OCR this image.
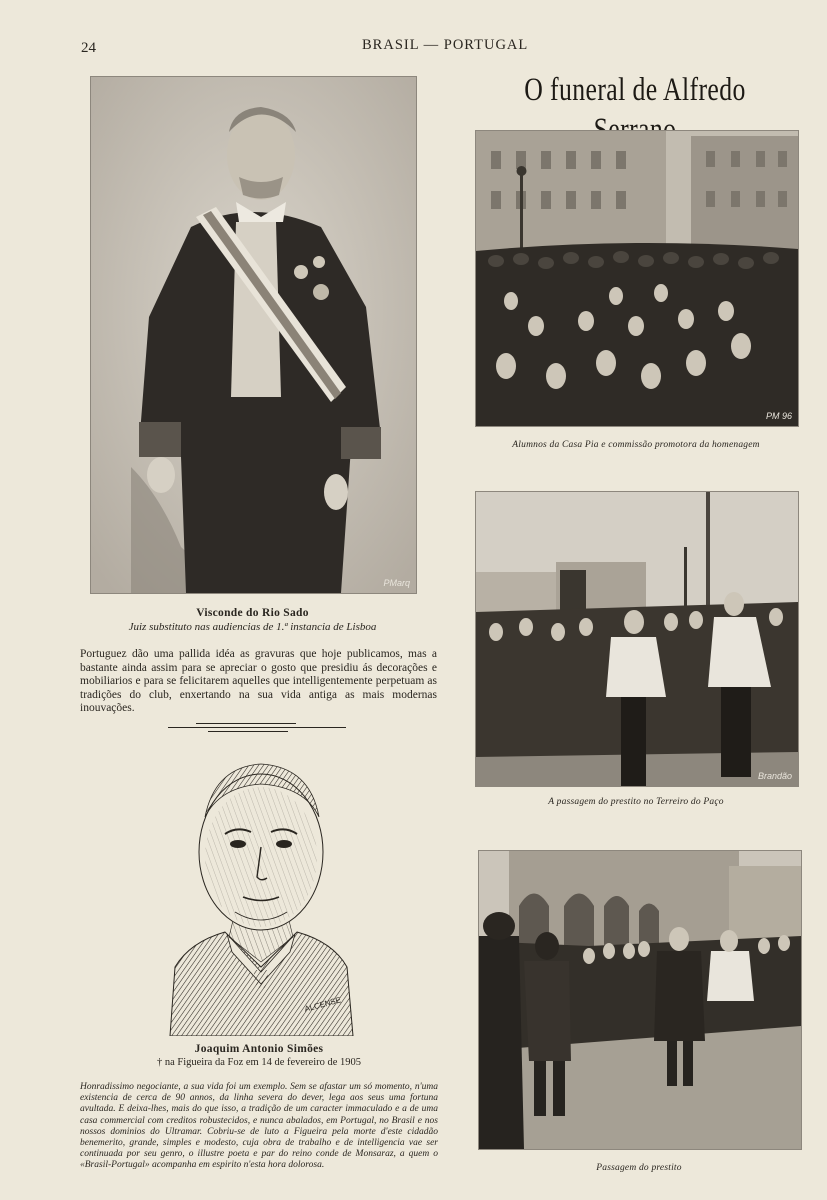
24	BRASIL — PORTUGAL
O funeral de Alfredo
PMarq
Visconde do Rio Sado
Juiz substituto nas audiencias de 1.ª instancia de Lisboa

Portuguez dão uma pallida idéa as gravuras que hoje publicamos, mas a bastante ainda assim para se apreciar o gosto que presidiu ás decorações e mobiliarios e para se felicitarem aquelles que intelligentemente perpetuam as tradições do club, enxertando na sua vida antiga as mais modernas inouvações.

ALCENSE
Joaquim Antonio Simões
† na Figueira da Foz em 14 de fevereiro de 1905

Honradissimo negociante, a sua vida foi um exemplo. Sem se afastar um só momento, n'uma existencia de cerca de 90 annos, da linha severa do dever, lega aos seus uma fortuna avultada. E deixa-lhes, mais do que isso, a tradição de um caracter immaculado e a de uma casa commercial com creditos robustecidos, e nunca abalados, em Portugal, no Brasil e nos nossos dominios do Ultramar. Cobriu-se de luto a Figueira pela morte d'este cidadão benemerito, grande, simples e modesto, cuja obra de trabalho e de intelligencia vae ser continuada por seu genro, o illustre poeta e par do reino conde de Monsaraz, a quem o «Brasil-Portugal» acompanha em espirito n'esta hora dolorosa.

PM 96
Alumnos da Casa Pia e commissão promotora da homenagem
Brandão
A passagem do prestito no Terreiro do Paço
Passagem do prestito
